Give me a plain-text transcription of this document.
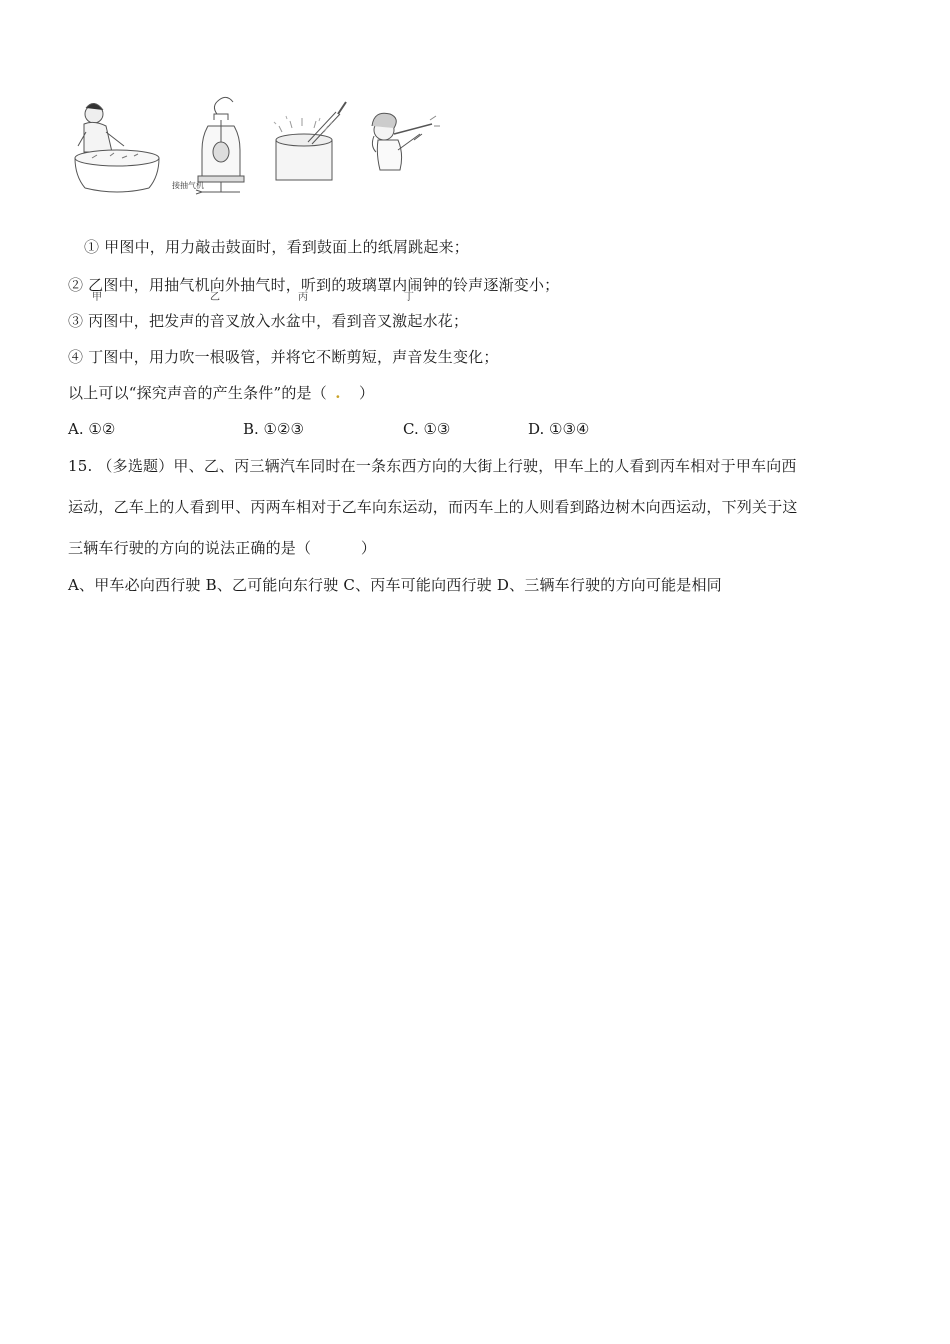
甲	乙	丙	丁
接抽气机
① 甲图中，用力敲击鼓面时，看到鼓面上的纸屑跳起来；
② 乙图中，用抽气机向外抽气时，听到的玻璃罩内闹钟的铃声逐渐变小；
③ 丙图中，把发声的音叉放入水盆中，看到音叉激起水花；
④ 丁图中，用力吹一根吸管，并将它不断剪短，声音发生变化；
以上可以“探究声音的产生条件”的是（ . ）
A. ①②	B. ①②③	C. ①③	D. ①③④
15. （多选题）甲、乙、丙三辆汽车同时在一条东西方向的大街上行驶，甲车上的人看到丙车相对于甲车向西
运动，乙车上的人看到甲、丙两车相对于乙车向东运动，而丙车上的人则看到路边树木向西运动，下列关于这
三辆车行驶的方向的说法正确的是（          ）
A、甲车必向西行驶 B、乙可能向东行驶 C、丙车可能向西行驶 D、三辆车行驶的方向可能是相同
